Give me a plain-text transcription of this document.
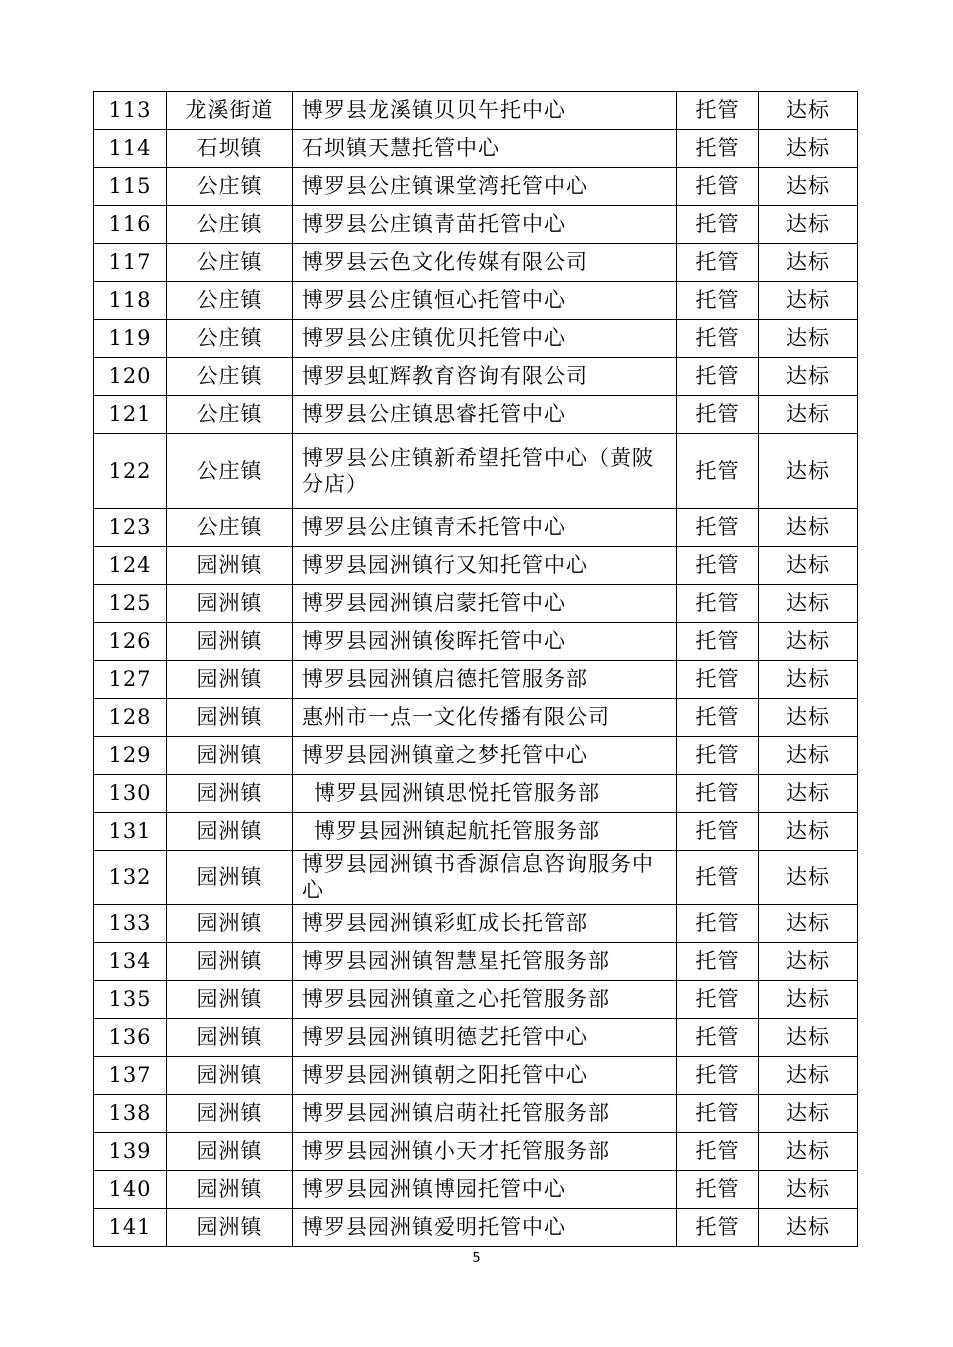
113	龙溪街道	博罗县龙溪镇贝贝午托中心	托管	达标
114	石坝镇	石坝镇天慧托管中心	托管	达标
115	公庄镇	博罗县公庄镇课堂湾托管中心	托管	达标
116	公庄镇	博罗县公庄镇青苗托管中心	托管	达标
117	公庄镇	博罗县云色文化传媒有限公司	托管	达标
118	公庄镇	博罗县公庄镇恒心托管中心	托管	达标
119	公庄镇	博罗县公庄镇优贝托管中心	托管	达标
120	公庄镇	博罗县虹辉教育咨询有限公司	托管	达标
121	公庄镇	博罗县公庄镇思睿托管中心	托管	达标
122	公庄镇	博罗县公庄镇新希望托管中心（黄陂分店）	托管	达标
123	公庄镇	博罗县公庄镇青禾托管中心	托管	达标
124	园洲镇	博罗县园洲镇行又知托管中心	托管	达标
125	园洲镇	博罗县园洲镇启蒙托管中心	托管	达标
126	园洲镇	博罗县园洲镇俊晖托管中心	托管	达标
127	园洲镇	博罗县园洲镇启德托管服务部	托管	达标
128	园洲镇	惠州市一点一文化传播有限公司	托管	达标
129	园洲镇	博罗县园洲镇童之梦托管中心	托管	达标
130	园洲镇	博罗县园洲镇思悦托管服务部	托管	达标
131	园洲镇	博罗县园洲镇起航托管服务部	托管	达标
132	园洲镇	博罗县园洲镇书香源信息咨询服务中心	托管	达标
133	园洲镇	博罗县园洲镇彩虹成长托管部	托管	达标
134	园洲镇	博罗县园洲镇智慧星托管服务部	托管	达标
135	园洲镇	博罗县园洲镇童之心托管服务部	托管	达标
136	园洲镇	博罗县园洲镇明德艺托管中心	托管	达标
137	园洲镇	博罗县园洲镇朝之阳托管中心	托管	达标
138	园洲镇	博罗县园洲镇启萌社托管服务部	托管	达标
139	园洲镇	博罗县园洲镇小天才托管服务部	托管	达标
140	园洲镇	博罗县园洲镇博园托管中心	托管	达标
141	园洲镇	博罗县园洲镇爱明托管中心	托管	达标
5
